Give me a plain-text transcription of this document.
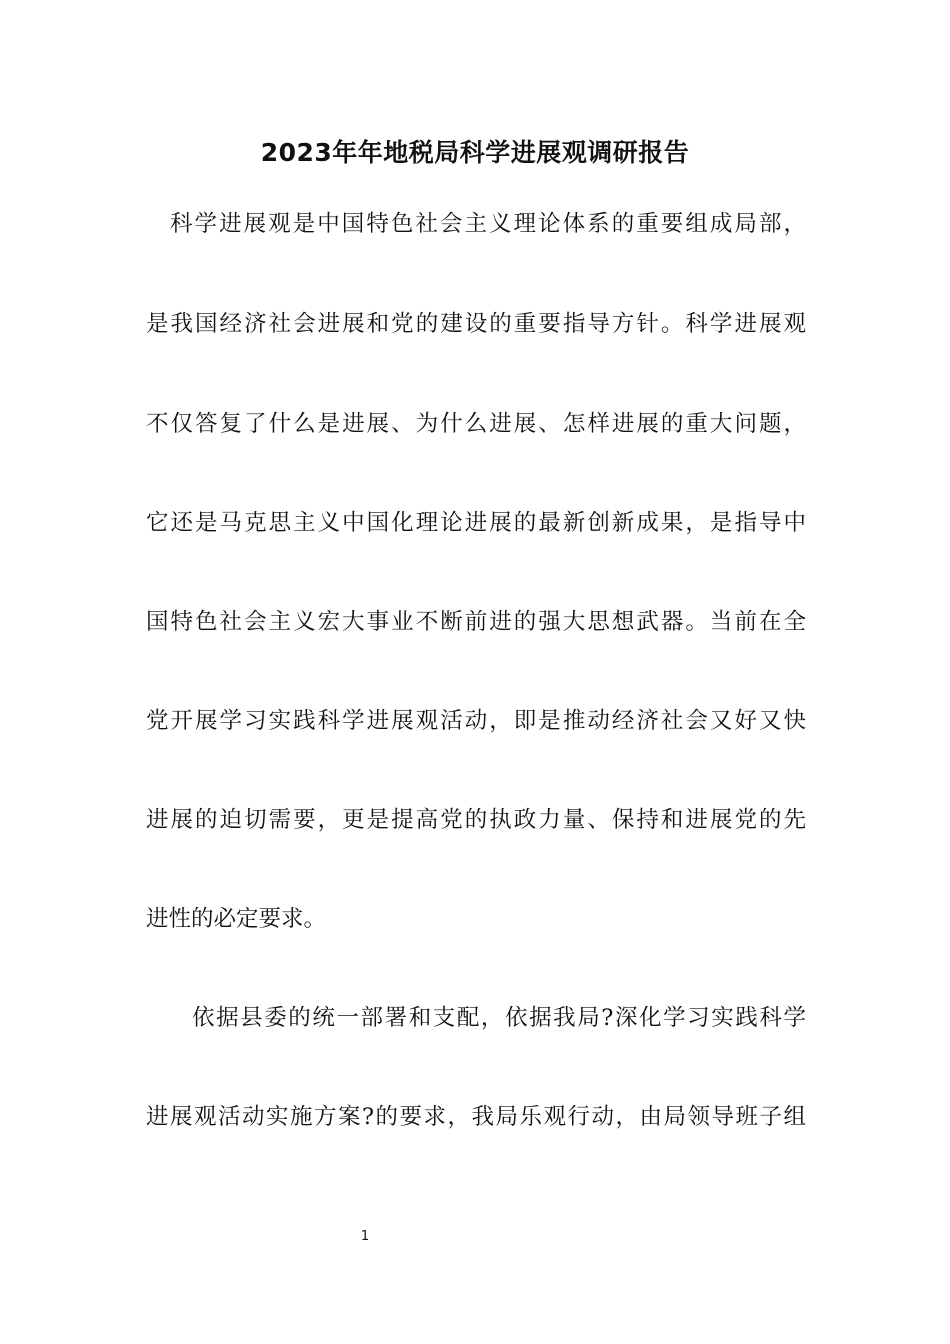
2023年年地税局科学进展观调研报告
科学进展观是中国特色社会主义理论体系的重要组成局部，
是我国经济社会进展和党的建设的重要指导方针。科学进展观
不仅答复了什么是进展、为什么进展、怎样进展的重大问题，
它还是马克思主义中国化理论进展的最新创新成果，是指导中
国特色社会主义宏大事业不断前进的强大思想武器。当前在全
党开展学习实践科学进展观活动，即是推动经济社会又好又快
进展的迫切需要，更是提高党的执政力量、保持和进展党的先
进性的必定要求。
依据县委的统一部署和支配，依据我局?深化学习实践科学
进展观活动实施方案?的要求，我局乐观行动，由局领导班子组
1
